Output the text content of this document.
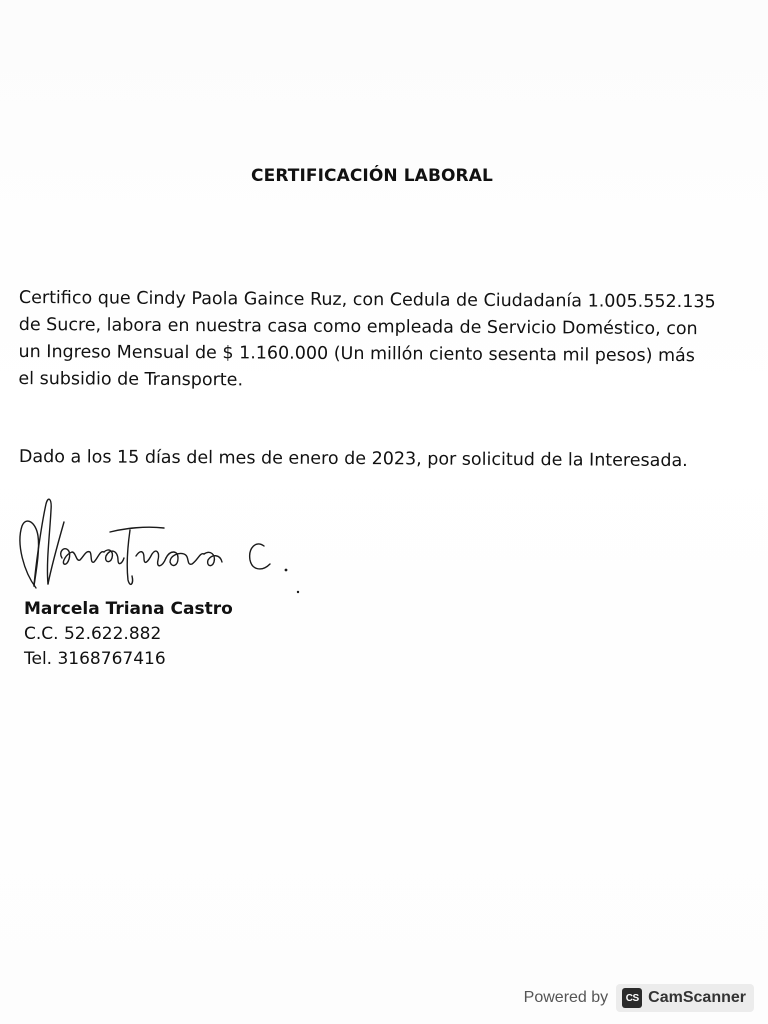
CERTIFICACIÓN LABORAL
Certifico que Cindy Paola Gaince Ruz, con Cedula de Ciudadanía 1.005.552.135
de Sucre, labora en nuestra casa como empleada de Servicio Doméstico, con
un Ingreso Mensual de $ 1.160.000 (Un millón ciento sesenta mil pesos) más
el subsidio de Transporte.
Dado a los 15 días del mes de enero de 2023, por solicitud de la Interesada.
Marcela Triana Castro
C.C. 52.622.882
Tel. 3168767416
Powered by	CS CamScanner
